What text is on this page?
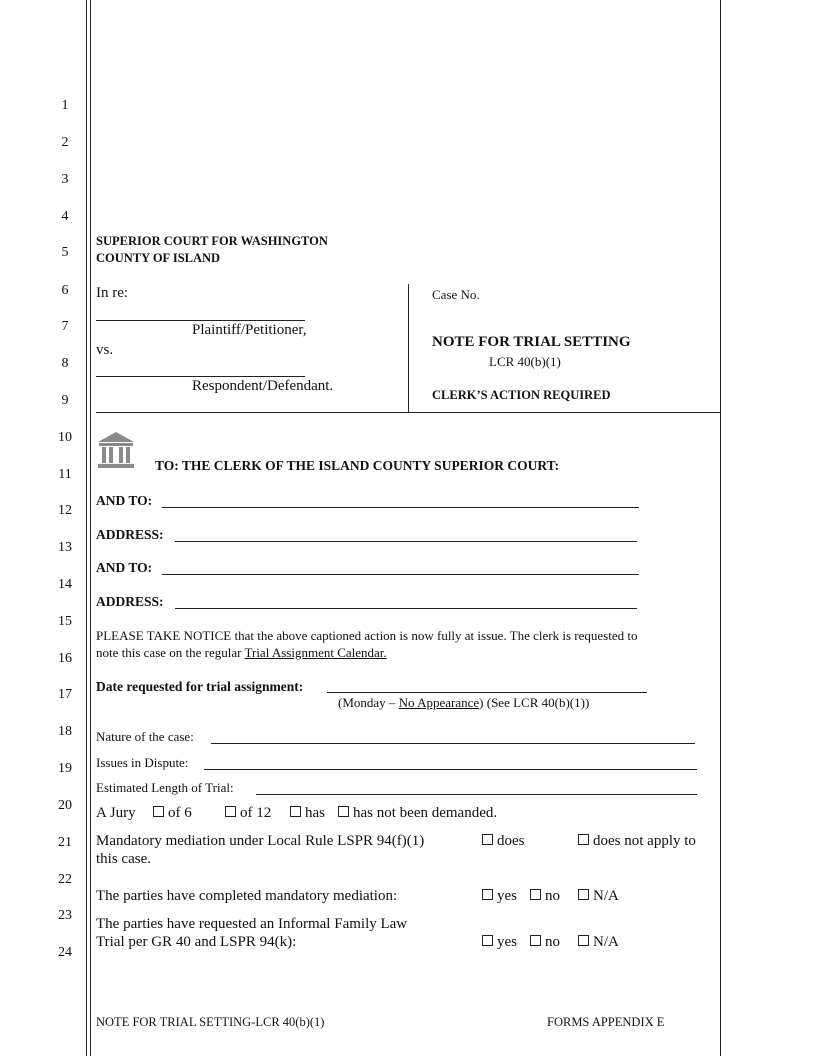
1
2
3
4
5
6
7
8
9
10
11
12
13
14
15
16
17
18
19
20
21
22
23
24
SUPERIOR COURT FOR WASHINGTON
COUNTY OF ISLAND
In re:
Plaintiff/Petitioner,
vs.
Respondent/Defendant.
Case No.
NOTE FOR TRIAL SETTING
LCR 40(b)(1)
CLERK’S ACTION REQUIRED
TO: THE CLERK OF THE ISLAND COUNTY SUPERIOR COURT:
AND TO:
ADDRESS:
AND TO:
ADDRESS:
PLEASE TAKE NOTICE that the above captioned action is now fully at issue. The clerk is requested to
note this case on the regular Trial Assignment Calendar.
Date requested for trial assignment:
(Monday – No Appearance) (See LCR 40(b)(1))
Nature of the case:
Issues in Dispute:
Estimated Length of Trial:
A Jury	of 6	of 12	has	has not been demanded.
Mandatory mediation under Local Rule LSPR 94(f)(1)
this case.
does	does not apply to
The parties have completed mandatory mediation:	yes	no	N/A
The parties have requested an Informal Family Law
Trial per GR 40 and LSPR 94(k):	yes	no	N/A
NOTE FOR TRIAL SETTING-LCR 40(b)(1)	FORMS APPENDIX E
